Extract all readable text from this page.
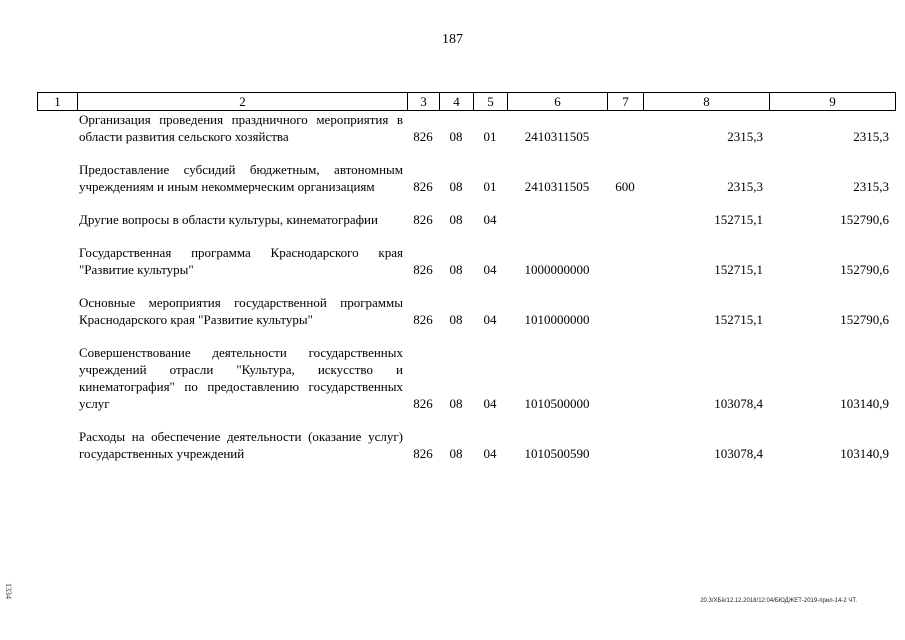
187
1	2	3	4	5	6	7	8	9
Организация проведения праздничного мероприятия в области развития сельского хозяйства	826	08	01	2410311505		2315,3	2315,3
Предоставление субсидий бюджетным, автономным учреждениям и иным некоммерческим организациям	826	08	01	2410311505	600	2315,3	2315,3
Другие вопросы в области культуры, кинематографии	826	08	04			152715,1	152790,6
Государственная программа Краснодарского края "Развитие культуры"	826	08	04	1000000000		152715,1	152790,6
Основные мероприятия государственной программы Краснодарского края "Развитие культуры"	826	08	04	1010000000		152715,1	152790,6
Совершенствование деятельности государственных учреждений отрасли "Культура, искусство и кинематография" по предоставлению государственных услуг	826	08	04	1010500000		103078,4	103140,9
Расходы на обеспечение деятельности (оказание услуг) государственных учреждений	826	08	04	1010500590		103078,4	103140,9
20.3/ХБё/12.12.2018/12:04/БЮДЖЕТ-2019-прил-14-2 ЧТ.
1334
